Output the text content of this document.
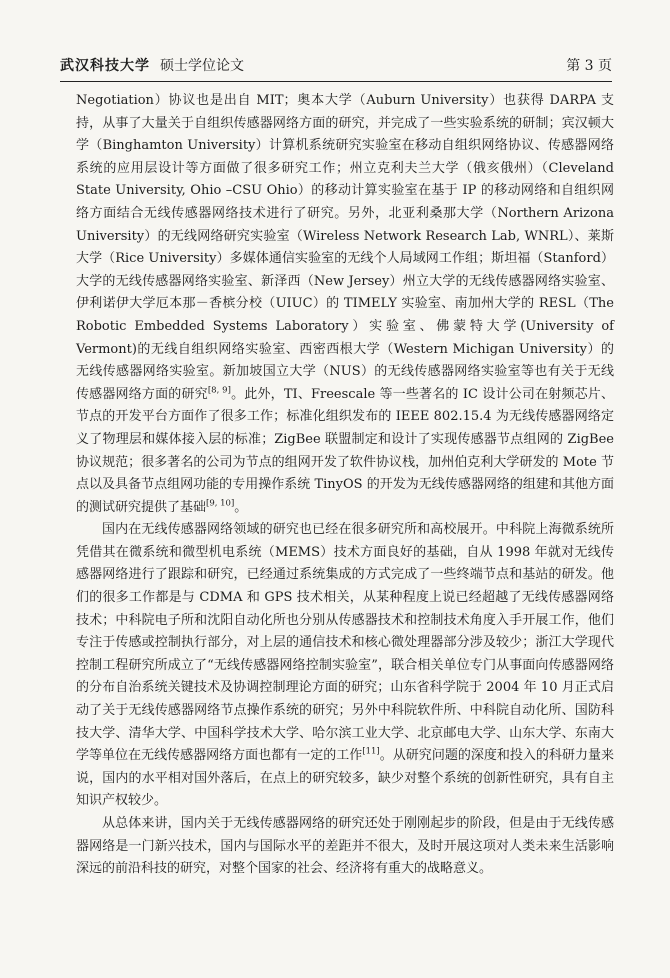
武汉科技大学 硕士学位论文	第 3 页

Negotiation）协议也是出自 MIT；奥本大学（Auburn University）也获得 DARPA 支持，从事了大量关于自组织传感器网络方面的研究，并完成了一些实验系统的研制；宾汉顿大学（Binghamton University）计算机系统研究实验室在移动自组织网络协议、传感器网络系统的应用层设计等方面做了很多研究工作；州立克利夫兰大学（俄亥俄州）（Cleveland State University, Ohio –CSU Ohio）的移动计算实验室在基于 IP 的移动网络和自组织网络方面结合无线传感器网络技术进行了研究。另外，北亚利桑那大学（Northern Arizona University）的无线网络研究实验室（Wireless Network Research Lab, WNRL）、莱斯大学（Rice University）多媒体通信实验室的无线个人局域网工作组；斯坦福（Stanford）大学的无线传感器网络实验室、新泽西（New Jersey）州立大学的无线传感器网络实验室、伊利诺伊大学厄本那－香槟分校（UIUC）的 TIMELY 实验室、南加州大学的 RESL（The Robotic Embedded Systems Laboratory）实验室、佛蒙特大学(University of Vermont)的无线自组织网络实验室、西密西根大学（Western Michigan University）的无线传感器网络实验室。新加坡国立大学（NUS）的无线传感器网络实验室等也有关于无线传感器网络方面的研究[8, 9]。此外，TI、Freescale 等一些著名的 IC 设计公司在射频芯片、节点的开发平台方面作了很多工作；标准化组织发布的 IEEE 802.15.4 为无线传感器网络定义了物理层和媒体接入层的标准；ZigBee 联盟制定和设计了实现传感器节点组网的 ZigBee 协议规范；很多著名的公司为节点的组网开发了软件协议栈，加州伯克利大学研发的 Mote 节点以及具备节点组网功能的专用操作系统 TinyOS 的开发为无线传感器网络的组建和其他方面的测试研究提供了基础[9, 10]。

国内在无线传感器网络领域的研究也已经在很多研究所和高校展开。中科院上海微系统所凭借其在微系统和微型机电系统（MEMS）技术方面良好的基础，自从 1998 年就对无线传感器网络进行了跟踪和研究，已经通过系统集成的方式完成了一些终端节点和基站的研发。他们的很多工作都是与 CDMA 和 GPS 技术相关，从某种程度上说已经超越了无线传感器网络技术；中科院电子所和沈阳自动化所也分别从传感器技术和控制技术角度入手开展工作，他们专注于传感或控制执行部分，对上层的通信技术和核心微处理器部分涉及较少；浙江大学现代控制工程研究所成立了“无线传感器网络控制实验室”，联合相关单位专门从事面向传感器网络的分布自治系统关键技术及协调控制理论方面的研究；山东省科学院于 2004 年 10 月正式启动了关于无线传感器网络节点操作系统的研究；另外中科院软件所、中科院自动化所、国防科技大学、清华大学、中国科学技术大学、哈尔滨工业大学、北京邮电大学、山东大学、东南大学等单位在无线传感器网络方面也都有一定的工作[11]。从研究问题的深度和投入的科研力量来说，国内的水平相对国外落后，在点上的研究较多，缺少对整个系统的创新性研究，具有自主知识产权较少。

从总体来讲，国内关于无线传感器网络的研究还处于刚刚起步的阶段，但是由于无线传感器网络是一门新兴技术，国内与国际水平的差距并不很大，及时开展这项对人类未来生活影响深远的前沿科技的研究，对整个国家的社会、经济将有重大的战略意义。
